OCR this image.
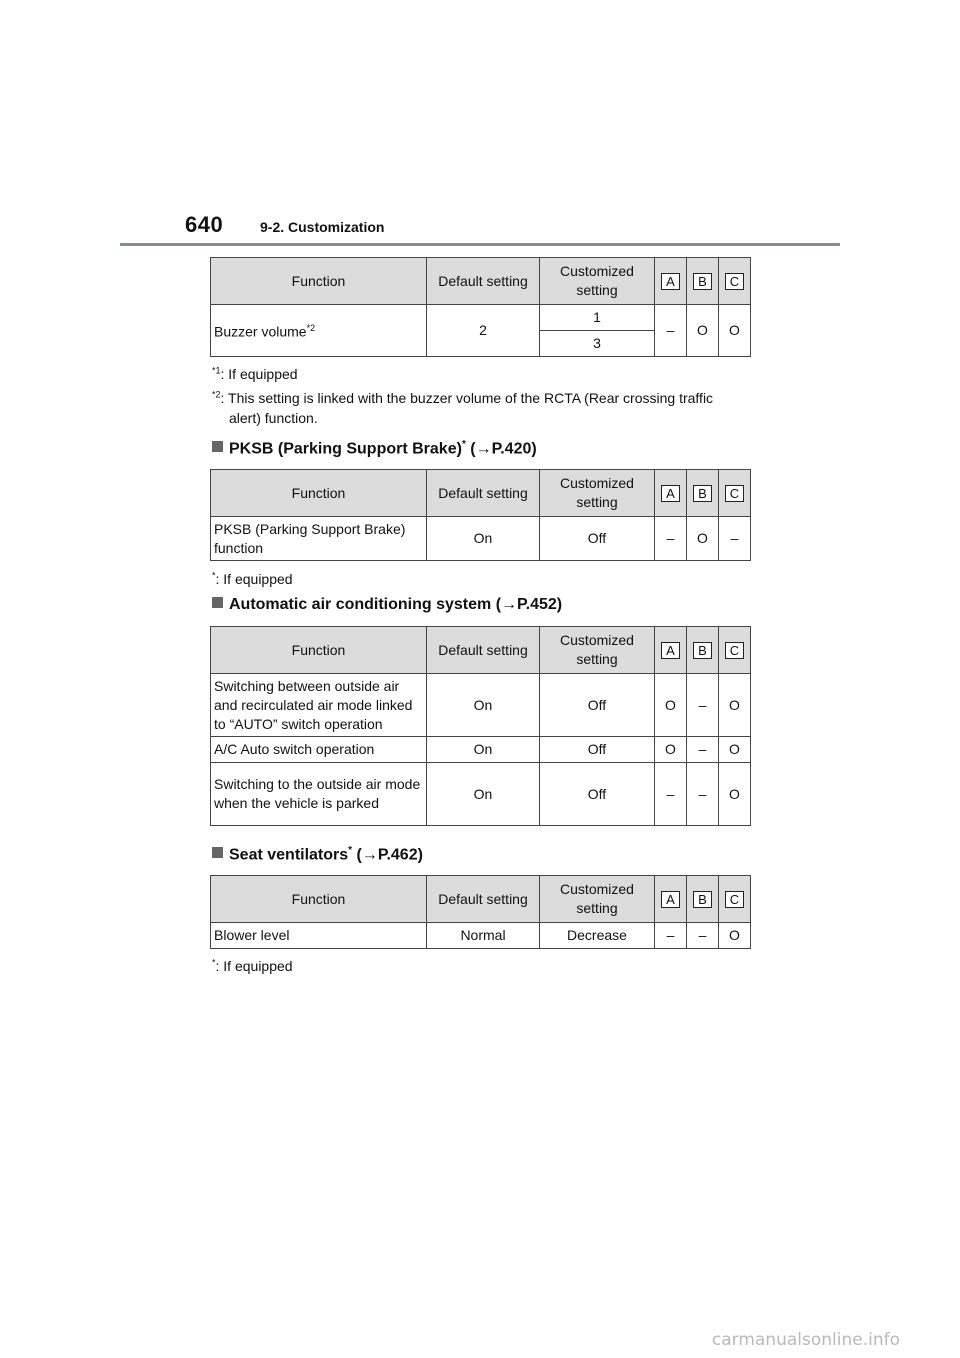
640	9-2. Customization
Function	Default setting	Customized setting	A	B	C
Buzzer volume$^{*2}$	2	1	–	O	O
		3			
$^{*1}$: If equipped
$^{*2}$: This setting is linked with the buzzer volume of the RCTA (Rear crossing traffic
alert) function.
PKSB (Parking Support Brake)* (→P.420)
Function	Default setting	Customized setting	A	B	C
PKSB (Parking Support Brake) function	On	Off	–	O	–
*: If equipped
Automatic air conditioning system (→P.452)
Function	Default setting	Customized setting	A	B	C
Switching between outside air and recirculated air mode linked to “AUTO” switch operation	On	Off	O	–	O
A/C Auto switch operation	On	Off	O	–	O
Switching to the outside air mode when the vehicle is parked	On	Off	–	–	O
Seat ventilators* (→P.462)
Function	Default setting	Customized setting	A	B	C
Blower level	Normal	Decrease	–	–	O
*: If equipped
carmanualsonline.info
